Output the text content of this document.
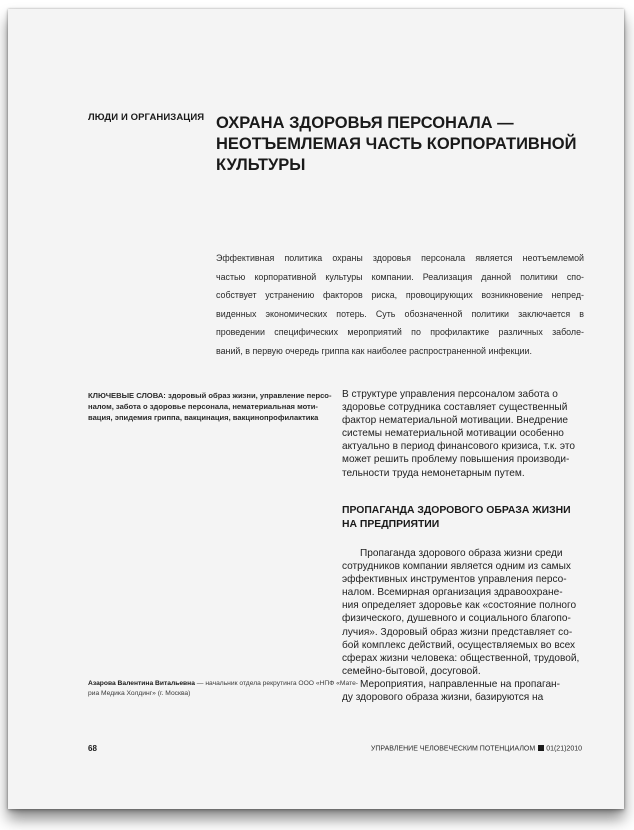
ЛЮДИ И ОРГАНИЗАЦИЯ ОХРАНА ЗДОРОВЬЯ ПЕРСОНАЛА —
НЕОТЪЕМЛЕМАЯ ЧАСТЬ КОРПОРАТИВНОЙ
КУЛЬТУРЫ
Эффективная политика охраны здоровья персонала является неотъемлемой
частью корпоративной культуры компании. Реализация данной политики спо-
собствует устранению факторов риска, провоцирующих возникновение непред-
виденных экономических потерь. Суть обозначенной политики заключается в
проведении специфических мероприятий по профилактике различных заболе-
ваний, в первую очередь гриппа как наиболее распространенной инфекции.
КЛЮЧЕВЫЕ СЛОВА: здоровый образ жизни, управление персо-
налом, забота о здоровье персонала, нематериальная моти-
вация, эпидемия гриппа, вакцинация, вакцинопрофилактика
В структуре управления персоналом забота о
здоровье сотрудника составляет существенный
фактор нематериальной мотивации. Внедрение
системы нематериальной мотивации особенно
актуально в период финансового кризиса, т.к. это
может решить проблему повышения производи-
тельности труда немонетарным путем.
ПРОПАГАНДА ЗДОРОВОГО ОБРАЗА ЖИЗНИ
НА ПРЕДПРИЯТИИ
Пропаганда здорового образа жизни среди
сотрудников компании является одним из самых
эффективных инструментов управления персо-
налом. Всемирная организация здравоохране-
ния определяет здоровье как «состояние полного
физического, душевного и социального благопо-
лучия». Здоровый образ жизни представляет со-
бой комплекс действий, осуществляемых во всех
сферах жизни человека: общественной, трудовой,
семейно-бытовой, досуговой.
Мероприятия, направленные на пропаган-
ду здорового образа жизни, базируются на
Азарова Валентина Витальевна — начальник отдела рекрутинга ООО «НПФ «Мате-
риа Медика Холдинг» (г. Москва)
68	УПРАВЛЕНИЕ ЧЕЛОВЕЧЕСКИМ ПОТЕНЦИАЛОМ 01(21)2010
